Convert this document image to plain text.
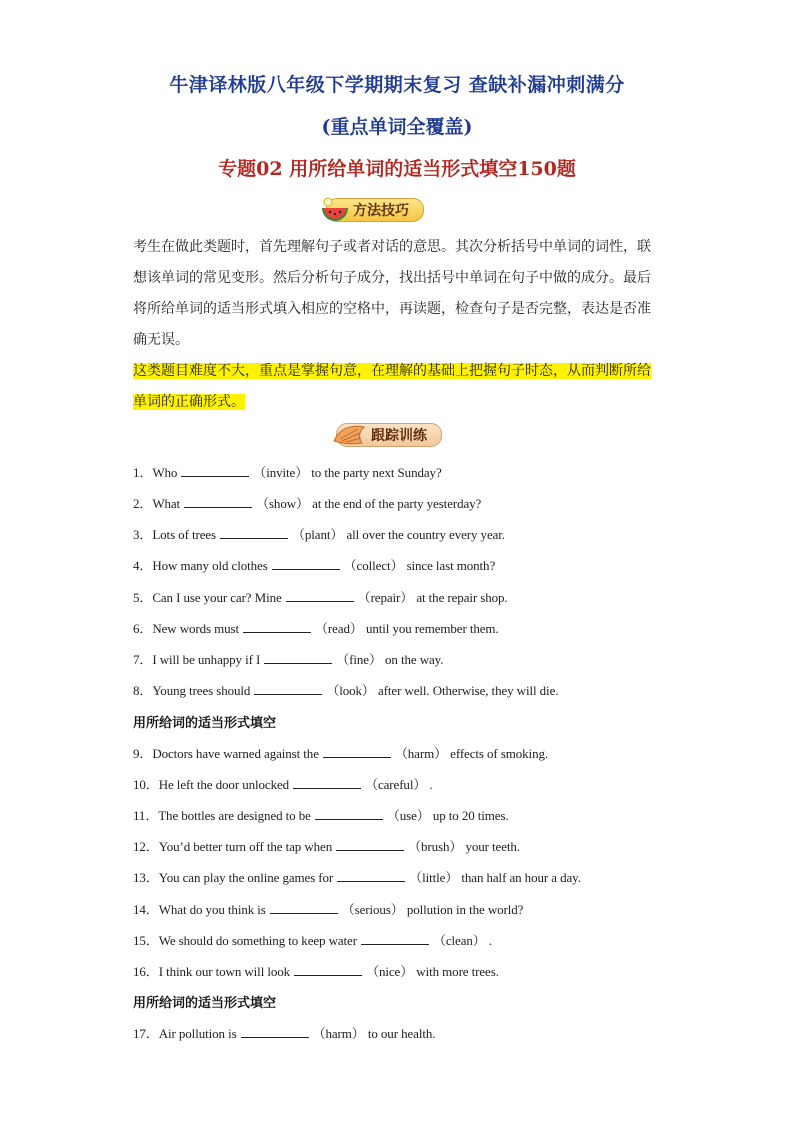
牛津译林版八年级下学期期末复习 查缺补漏冲刺满分
(重点单词全覆盖)
专题02 用所给单词的适当形式填空150题
方法技巧
考生在做此类题时，首先理解句子或者对话的意思。其次分析括号中单词的词性，联想该单词的常见变形。然后分析句子成分，找出括号中单词在句子中做的成分。最后将所给单词的适当形式填入相应的空格中，再读题，检查句子是否完整，表达是否准确无误。
这类题目难度不大，重点是掌握句意，在理解的基础上把握句子时态，从而判断所给单词的正确形式。
跟踪训练
1．Who	（invite） to the party next Sunday?
2．What	（show） at the end of the party yesterday?
3．Lots of trees	（plant） all over the country every year.
4．How many old clothes	（collect） since last month?
5．Can I use your car? Mine	（repair） at the repair shop.
6．New words must	（read） until you remember them.
7．I will be unhappy if I	（fine） on the way.
8．Young trees should	（look） after well. Otherwise, they will die.
9．Doctors have warned against the	（harm） effects of smoking.
10．He left the door unlocked	（careful） .
11．The bottles are designed to be	（use） up to 20 times.
12．You’d better turn off the tap when	（brush） your teeth.
13．You can play the online games for	（little） than half an hour a day.
14．What do you think is	（serious） pollution in the world?
15．We should do something to keep water	（clean） .
16．I think our town will look	（nice） with more trees.
17．Air pollution is	（harm） to our health.
用所给词的适当形式填空
用所给词的适当形式填空
